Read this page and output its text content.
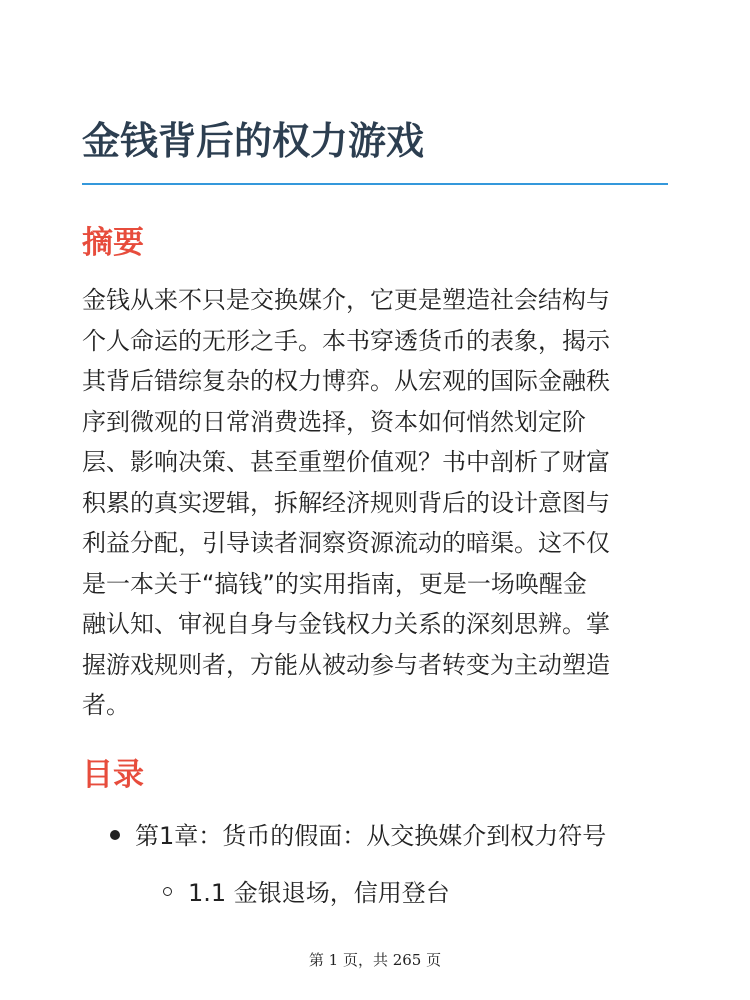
金钱背后的权力游戏
摘要

金钱从来不只是交换媒介，它更是塑造社会结构与
个人命运的无形之手。本书穿透货币的表象，揭示
其背后错综复杂的权力博弈。从宏观的国际金融秩
序到微观的日常消费选择，资本如何悄然划定阶
层、影响决策、甚至重塑价值观？书中剖析了财富
积累的真实逻辑，拆解经济规则背后的设计意图与
利益分配，引导读者洞察资源流动的暗渠。这不仅
是一本关于“搞钱”的实用指南，更是一场唤醒金
融认知、审视自身与金钱权力关系的深刻思辨。掌
握游戏规则者，方能从被动参与者转变为主动塑造
者。

目录
第1章：货币的假面：从交换媒介到权力符号
1.1 金银退场，信用登台
第 1 页，共 265 页
